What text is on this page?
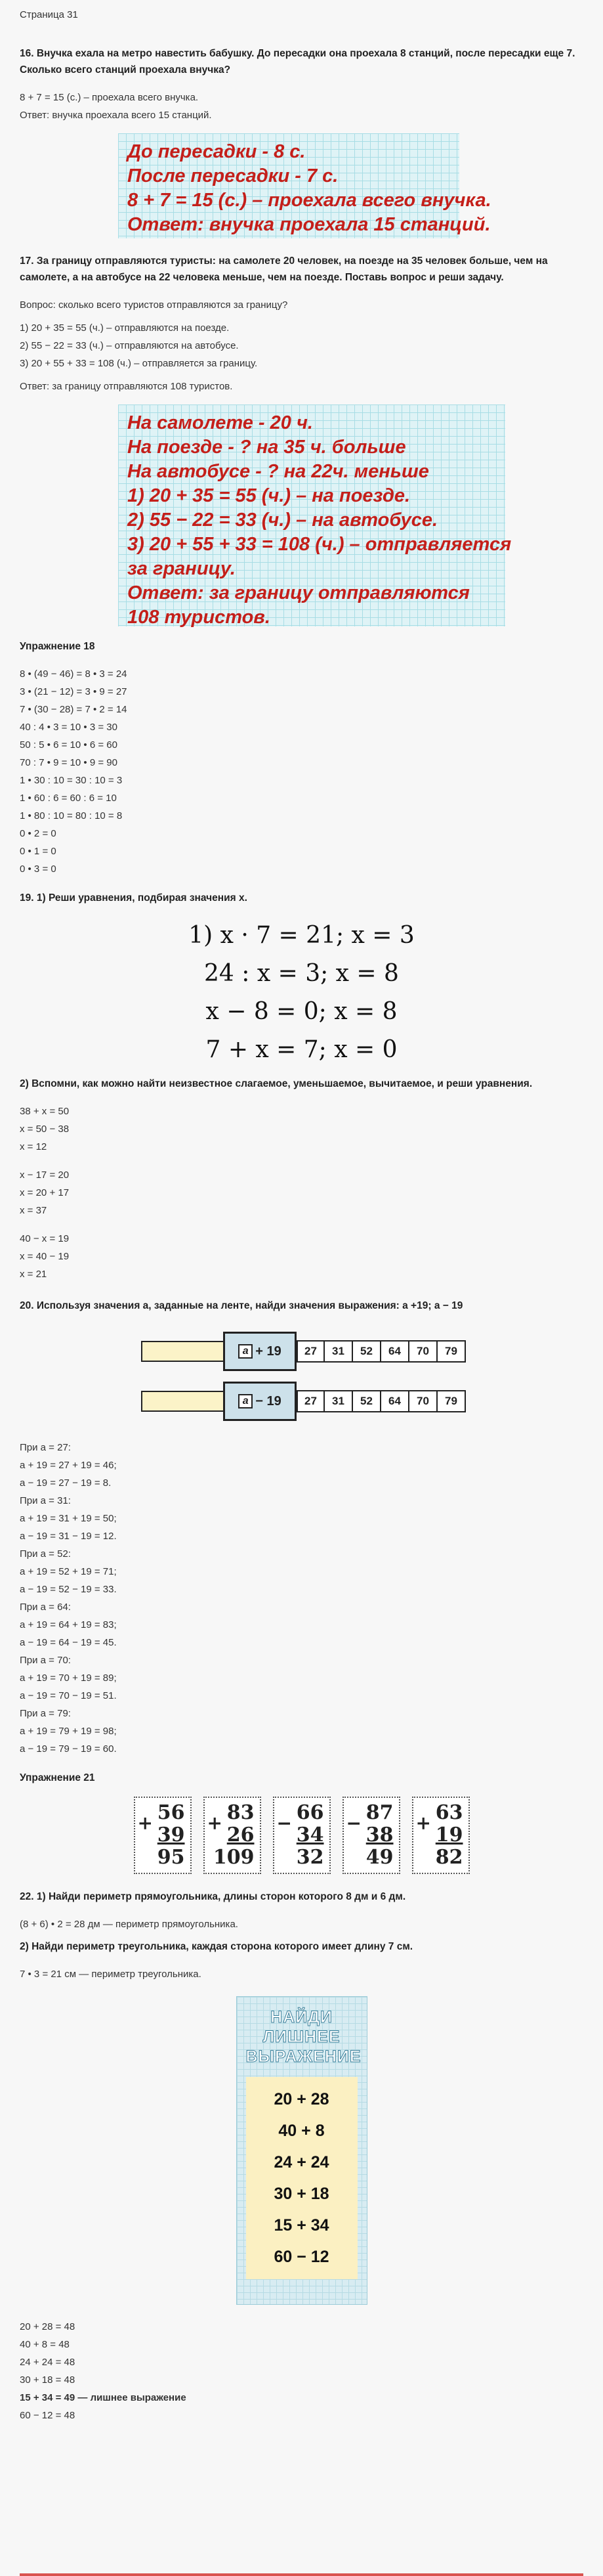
Страница 31
16. Внучка ехала на метро навестить бабушку. До пересадки она проехала 8 станций, после пересадки еще 7. Сколько всего станций проехала внучка?
8 + 7 = 15 (с.) – проехала всего внучка.
Ответ: внучка проехала всего 15 станций.
До пересадки - 8 с.
После пересадки - 7 с.
8 + 7 = 15 (с.) – проехала всего внучка.
Ответ: внучка проехала 15 станций.
17. За границу отправляются туристы: на самолете 20 человек, на поезде на 35 человек больше, чем на самолете, а на автобусе на 22 человека меньше, чем на поезде. Поставь вопрос и реши задачу.
Вопрос: сколько всего туристов отправляются за границу?
1) 20 + 35 = 55 (ч.) – отправляются на поезде.
2) 55 − 22 = 33 (ч.) – отправляются на автобусе.
3) 20 + 55 + 33 = 108 (ч.) – отправляется за границу.
Ответ: за границу отправляются 108 туристов.
На самолете - 20 ч.
На поезде - ? на 35 ч. больше
На автобусе - ? на 22ч. меньше
1) 20 + 35 = 55 (ч.) – на поезде.
2) 55 − 22 = 33 (ч.) – на автобусе.
3) 20 + 55 + 33 = 108 (ч.) – отправляется
за границу.
Ответ: за границу отправляются
108 туристов.
Упражнение 18
8 • (49 − 46) = 8 • 3 = 24
3 • (21 − 12) = 3 • 9 = 27
7 • (30 − 28) = 7 • 2 = 14
40 : 4 • 3 = 10 • 3 = 30
50 : 5 • 6 = 10 • 6 = 60
70 : 7 • 9 = 10 • 9 = 90
1 • 30 : 10 = 30 : 10 = 3
1 • 60 : 6 = 60 : 6 = 10
1 • 80 : 10 = 80 : 10 = 8
0 • 2 = 0
0 • 1 = 0
0 • 3 = 0
19. 1) Реши уравнения, подбирая значения х.
1) x · 7 = 21; x = 3
24 : x = 3; x = 8
x − 8 = 0; x = 8
7 + x = 7; x = 0
2) Вспомни, как можно найти неизвестное слагаемое, уменьшаемое, вычитаемое, и реши уравнения.
38 + x = 50
x = 50 − 38
x = 12
x − 17 = 20
x = 20 + 17
x = 37
40 − x = 19
x = 40 − 19
x = 21
20. Используя значения а, заданные на ленте, найди значения выражения: а +19; а − 19
a + 19	27	31	52	64	70	79
a − 19	27	31	52	64	70	79
При а = 27:
а + 19 = 27 + 19 = 46;
а − 19 = 27 − 19 = 8.
При а = 31:
а + 19 = 31 + 19 = 50;
а − 19 = 31 − 19 = 12.
При а = 52:
а + 19 = 52 + 19 = 71;
а − 19 = 52 − 19 = 33.
При а = 64:
а + 19 = 64 + 19 = 83;
а − 19 = 64 − 19 = 45.
При а = 70:
а + 19 = 70 + 19 = 89;
а − 19 = 70 − 19 = 51.
При а = 79:
а + 19 = 79 + 19 = 98;
а − 19 = 79 − 19 = 60.
Упражнение 21
+ 56
39
95
+ 83
26
109
− 66
34
32
− 87
38
49
+ 63
19
82
22. 1) Найди периметр прямоугольника, длины сторон которого 8 дм и 6 дм.
(8 + 6) • 2 = 28 дм — периметр прямоугольника.
2) Найди периметр треугольника, каждая сторона которого имеет длину 7 см.
7 • 3 = 21 см — периметр треугольника.
НАЙДИ
ЛИШНЕЕ
ВЫРАЖЕНИЕ
20 + 28
40 + 8
24 + 24
30 + 18
15 + 34
60 − 12
20 + 28 = 48
40 + 8 = 48
24 + 24 = 48
30 + 18 = 48
15 + 34 = 49 — лишнее выражение
60 − 12 = 48
